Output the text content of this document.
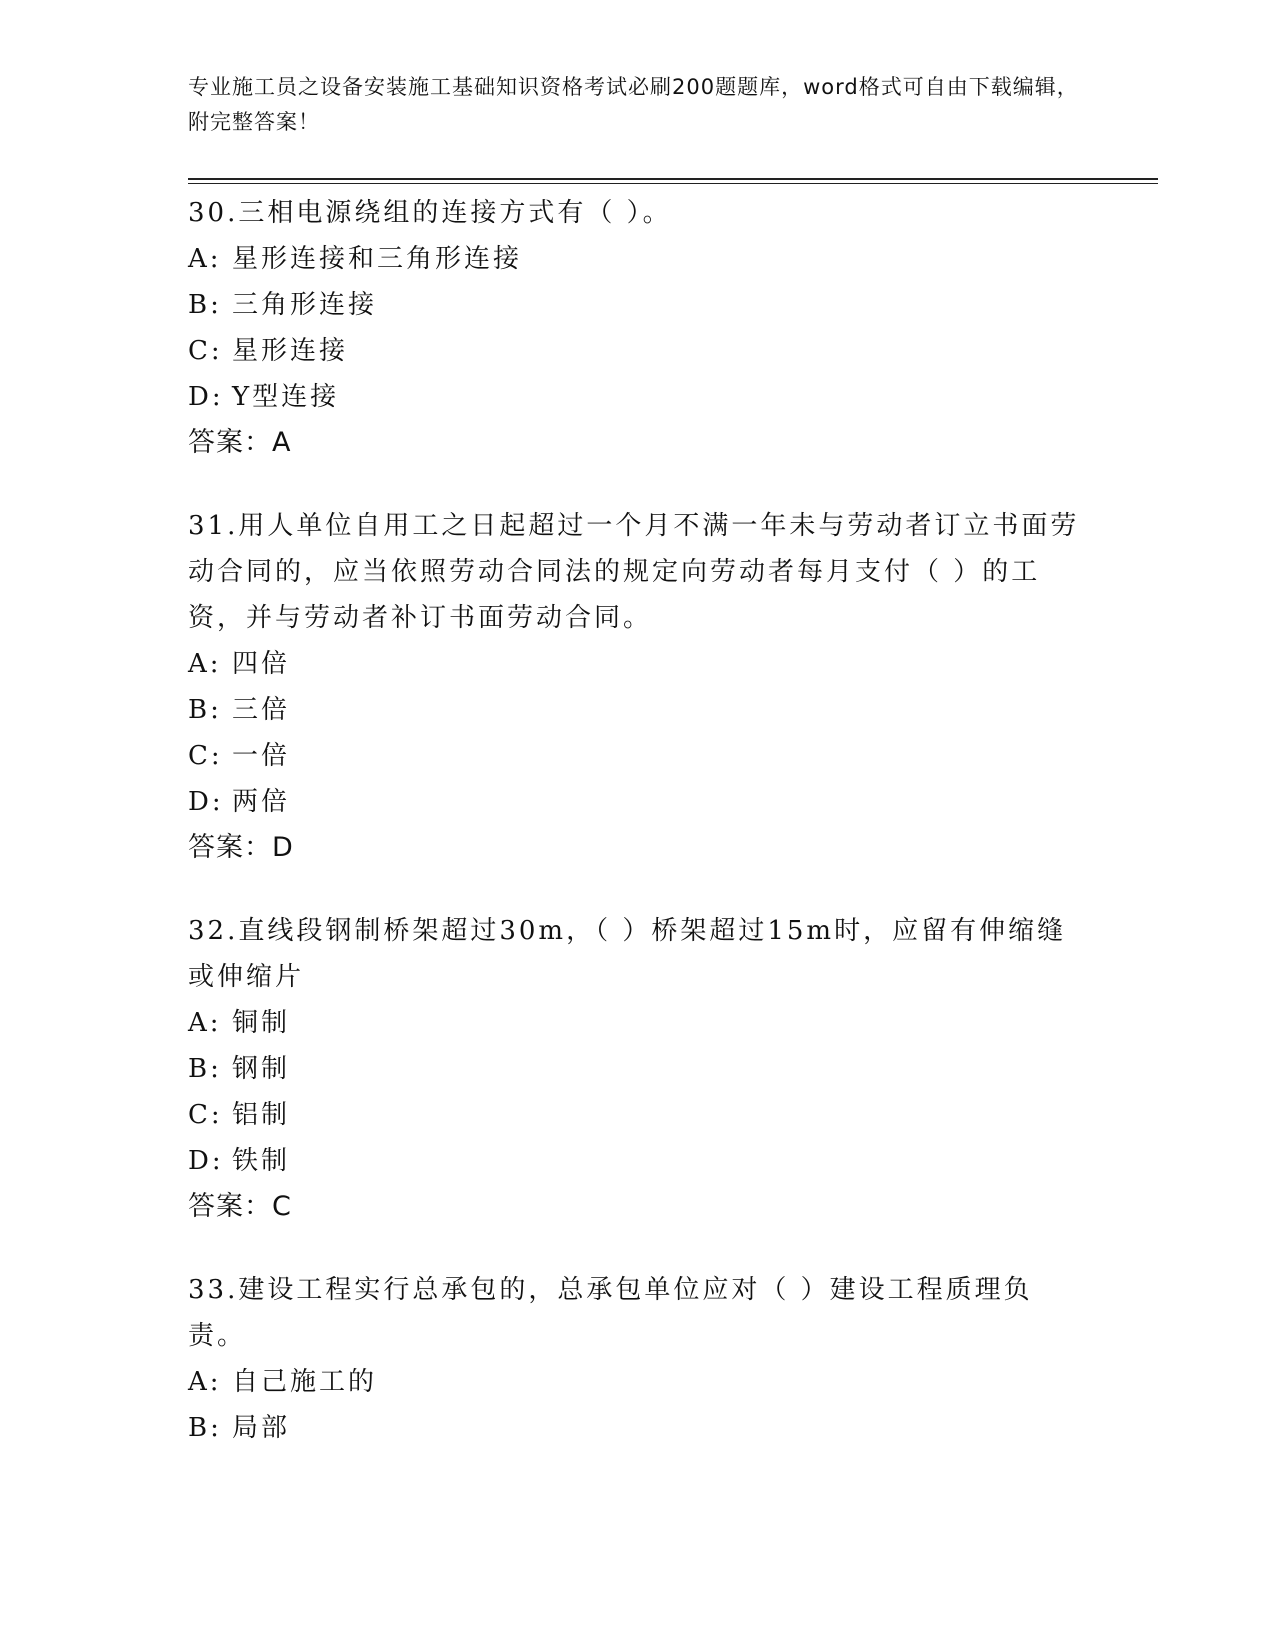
专业施工员之设备安装施工基础知识资格考试必刷200题题库，word格式可自由下载编辑，附完整答案！

30.三相电源绕组的连接方式有（ ）。

A: 星形连接和三角形连接
B: 三角形连接
C: 星形连接
D: Y型连接
答案：A

31.用人单位自用工之日起超过一个月不满一年未与劳动者订立书面劳动合同的，应当依照劳动合同法的规定向劳动者每月支付（ ）的工资，并与劳动者补订书面劳动合同。

A: 四倍
B: 三倍
C: 一倍
D: 两倍
答案：D

32.直线段钢制桥架超过30m，（ ）桥架超过15m时，应留有伸缩缝或伸缩片

A: 铜制
B: 钢制
C: 铝制
D: 铁制
答案：C

33.建设工程实行总承包的，总承包单位应对（ ）建设工程质理负责。

A: 自己施工的
B: 局部
